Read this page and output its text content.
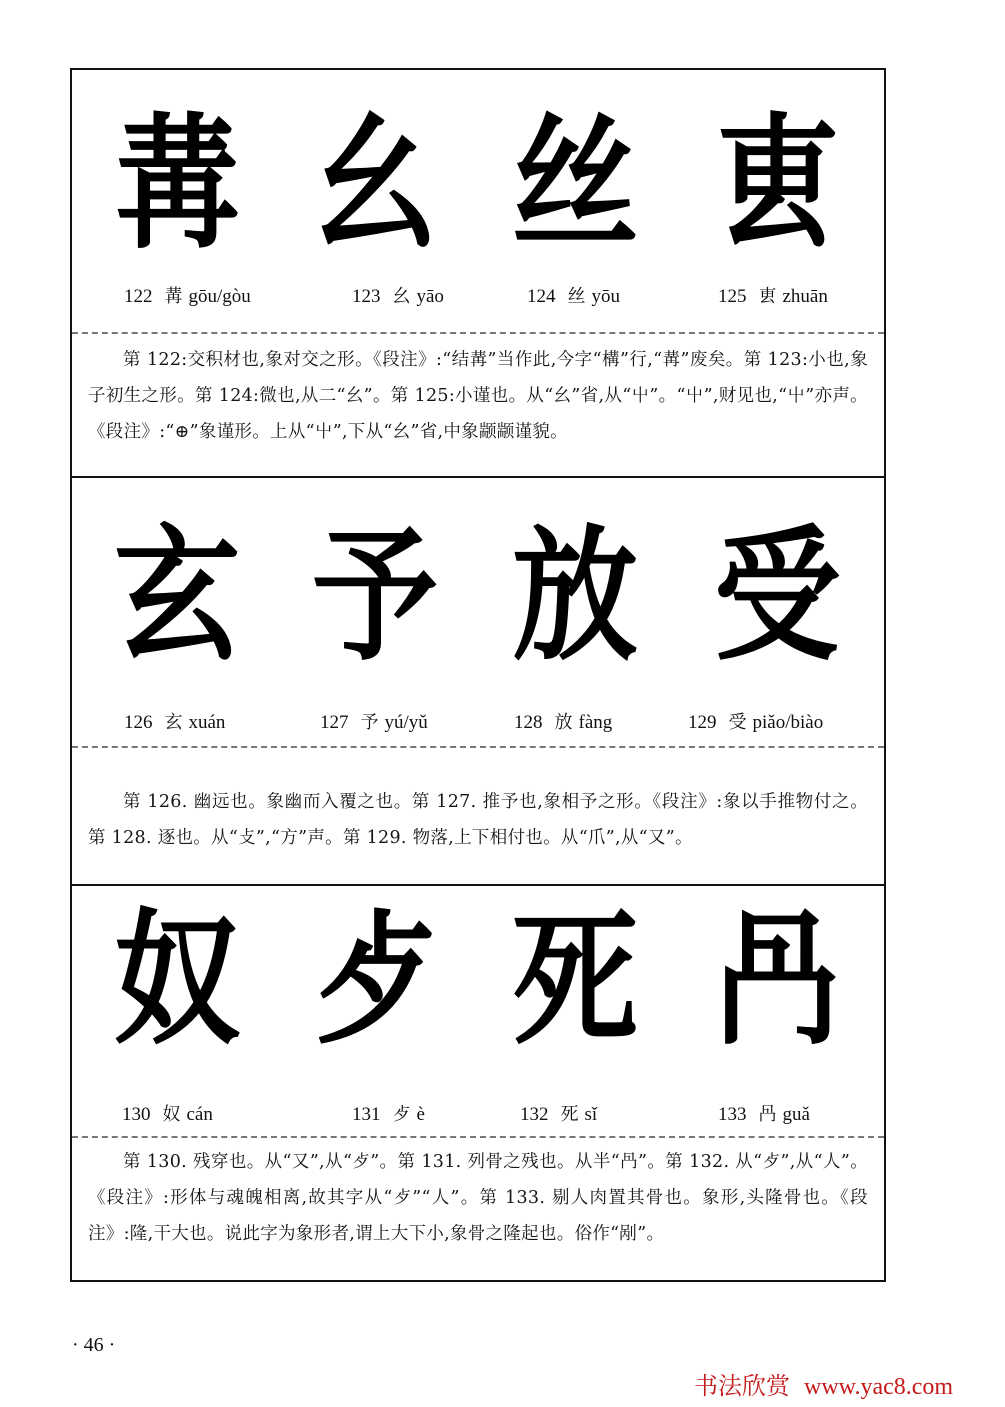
冓 幺 丝 叀
122 冓 gōu/gòu	123 幺 yāo	124 丝 yōu	125 叀 zhuān
第 122:交积材也,象对交之形。《段注》:“结冓”当作此,今字“構”行,“冓”废矣。第 123:小也,象子初生之形。第 124:微也,从二“幺”。第 125:小谨也。从“幺”省,从“屮”。“屮”,财见也,“屮”亦声。《段注》:“⊕”象谨形。上从“屮”,下从“幺”省,中象颛颛谨貌。
玄 予 放 受
126 玄 xuán	127 予 yú/yǔ	128 放 fàng	129 受 piǎo/biào
第 126. 幽远也。象幽而入覆之也。第 127. 推予也,象相予之形。《段注》:象以手推物付之。第 128. 逐也。从“攴”,“方”声。第 129. 物落,上下相付也。从“爪”,从“又”。
奴 歺 死 冎
130 奴 cán	131 歺 è	132 死 sǐ	133 冎 guǎ
第 130. 残穿也。从“又”,从“歺”。第 131. 列骨之残也。从半“冎”。第 132. 从“歺”,从“人”。《段注》:形体与魂魄相离,故其字从“歺”“人”。第 133. 剔人肉置其骨也。象形,头隆骨也。《段注》:隆,干大也。说此字为象形者,谓上大下小,象骨之隆起也。俗作“剐”。
· 46 ·
书法欣赏 www.yac8.com
